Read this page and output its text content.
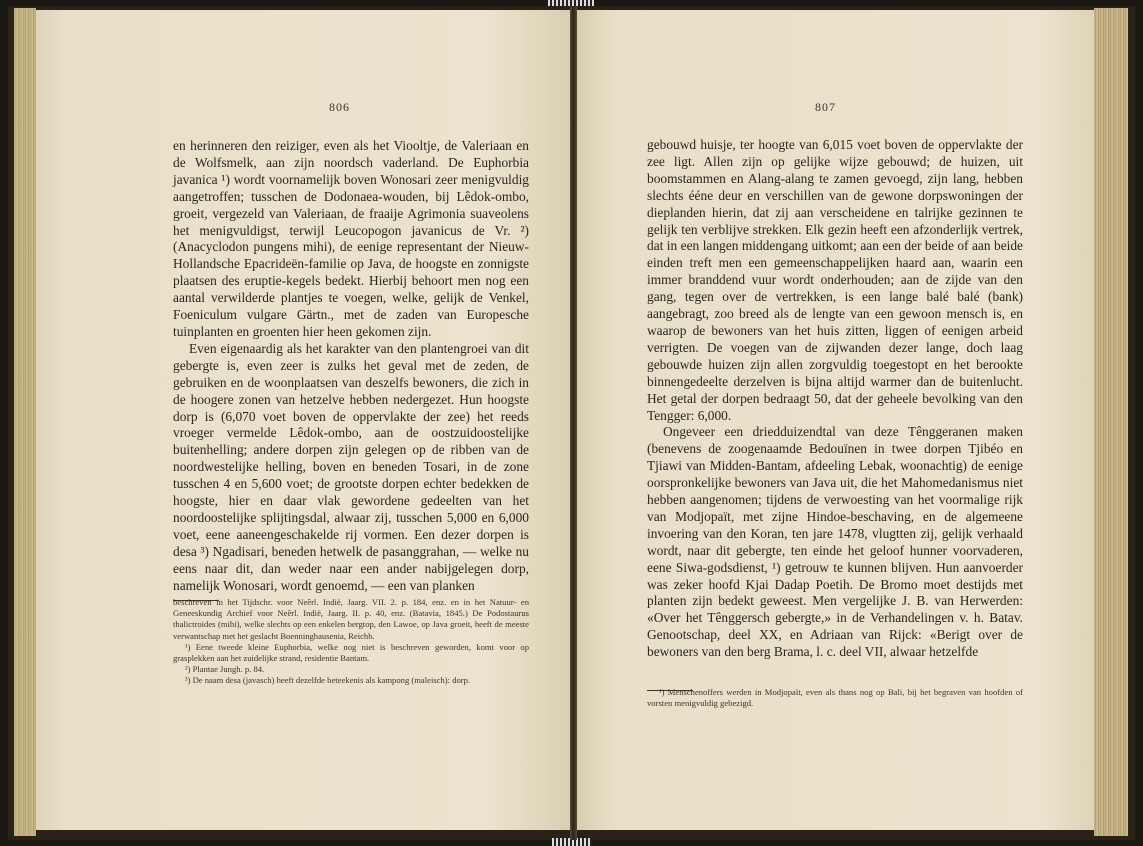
806

en herinneren den reiziger, even als het Viooltje, de Valeriaan en de Wolfsmelk, aan zijn noordsch vaderland. De Euphorbia javanica ¹) wordt voornamelijk boven Wonosari zeer menigvuldig aangetroffen; tusschen de Dodonaea-wouden, bij Lêdok-ombo, groeit, vergezeld van Valeriaan, de fraaije Agrimonia suaveolens het menigvuldigst, terwijl Leucopogon javanicus de Vr. ²) (Anacyclodon pungens mihi), de eenige representant der Nieuw-Hollandsche Epacrideën-familie op Java, de hoogste en zonnigste plaatsen des eruptie-kegels bedekt. Hierbij behoort men nog een aantal verwilderde plantjes te voegen, welke, gelijk de Venkel, Foeniculum vulgare Gärtn., met de zaden van Europesche tuinplanten en groenten hier heen gekomen zijn.

Even eigenaardig als het karakter van den plantengroei van dit gebergte is, even zeer is zulks het geval met de zeden, de gebruiken en de woonplaatsen van deszelfs bewoners, die zich in de hoogere zonen van hetzelve hebben nedergezet. Hun hoogste dorp is (6,070 voet boven de oppervlakte der zee) het reeds vroeger vermelde Lêdok-ombo, aan de oostzuidoostelijke buitenhelling; andere dorpen zijn gelegen op de ribben van de noordwestelijke helling, boven en beneden Tosari, in de zone tusschen 4 en 5,600 voet; de grootste dorpen echter bedekken de hoogste, hier en daar vlak gewordene gedeelten van het noordoostelijke splijtingsdal, alwaar zij, tusschen 5,000 en 6,000 voet, eene aaneengeschakelde rij vormen. Een dezer dorpen is desa ³) Ngadisari, beneden hetwelk de pasanggrahan, — welke nu eens naar dit, dan weder naar een ander nabijgelegen dorp, namelijk Wonosari, wordt genoemd, — een van planken

beschreven in het Tijdschr. voor Neêrl. Indië, Jaarg. VII. 2. p. 184, enz. en in het Natuur- en Geneeskundig Archief voor Neêrl. Indië, Jaarg. II. p. 40, enz. (Batavia, 1845.) De Podostaurus thalictroides (mihi), welke slechts op een enkelen bergtop, den Lawoe, op Java groeit, heeft de meeste verwantschap met het geslacht Boenninghausenia, Reichb.

¹) Eene tweede kleine Euphorbia, welke nog niet is beschreven geworden, komt voor op grasplekken aan het zuidelijke strand, residentie Bantam.

²) Plantae Jungh. p. 84.

³) De naam desa (javasch) heeft dezelfde beteekenis als kampong (maleisch): dorp.

807

gebouwd huisje, ter hoogte van 6,015 voet boven de oppervlakte der zee ligt. Allen zijn op gelijke wijze gebouwd; de huizen, uit boomstammen en Alang-alang te zamen gevoegd, zijn lang, hebben slechts ééne deur en verschillen van de gewone dorpswoningen der dieplanden hierin, dat zij aan verscheidene en talrijke gezinnen te gelijk ten verblijve strekken. Elk gezin heeft een afzonderlijk vertrek, dat in een langen middengang uitkomt; aan een der beide of aan beide einden treft men een gemeenschappelijken haard aan, waarin een immer branddend vuur wordt onderhouden; aan de zijde van den gang, tegen over de vertrekken, is een lange balé balé (bank) aangebragt, zoo breed als de lengte van een gewoon mensch is, en waarop de bewoners van het huis zitten, liggen of eenigen arbeid verrigten. De voegen van de zijwanden dezer lange, doch laag gebouwde huizen zijn allen zorgvuldig toegestopt en het berookte binnengedeelte derzelven is bijna altijd warmer dan de buitenlucht. Het getal der dorpen bedraagt 50, dat der geheele bevolking van den Tengger: 6,000.

Ongeveer een driedduizendtal van deze Tênggeranen maken (benevens de zoogenaamde Bedouïnen in twee dorpen Tjibéo en Tjiawi van Midden-Bantam, afdeeling Lebak, woonachtig) de eenige oorspronkelijke bewoners van Java uit, die het Mahomedanismus niet hebben aangenomen; tijdens de verwoesting van het voormalige rijk van Modjopaït, met zijne Hindoe-beschaving, en de algemeene invoering van den Koran, ten jare 1478, vlugtten zij, gelijk verhaald wordt, naar dit gebergte, ten einde het geloof hunner voorvaderen, eene Siwa-godsdienst, ¹) getrouw te kunnen blijven. Hun aanvoerder was zeker hoofd Kjai Dadap Poetih. De Bromo moet destijds met planten zijn bedekt geweest. Men vergelijke J. B. van Herwerden: «Over het Tênggersch gebergte,» in de Verhandelingen v. h. Batav. Genootschap, deel XX, en Adriaan van Rijck: «Berigt over de bewoners van den berg Brama, l. c. deel VII, alwaar hetzelfde

¹) Menschenoffers werden in Modjopaït, even als thans nog op Bali, bij het begraven van hoofden of vorsten menigvuldig gebezigd.
